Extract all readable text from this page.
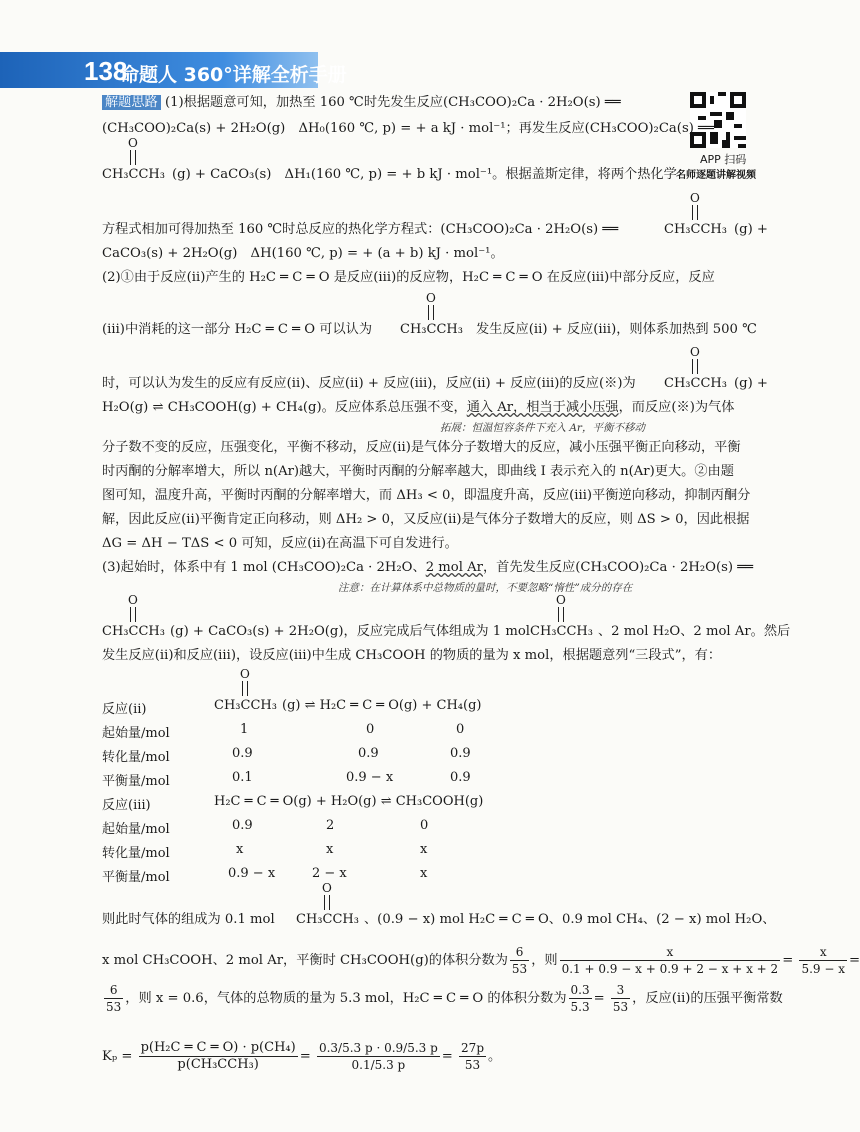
138
命题人 360°详解全析手册
APP 扫码
名师逐题讲解视频
解题思路 (1)根据题意可知，加热至 160 ℃时先发生反应(CH₃COO)₂Ca · 2H₂O(s) ══
(CH₃COO)₂Ca(s) + 2H₂O(g)　ΔH₀(160 ℃, p) = + a kJ · mol⁻¹；再发生反应(CH₃COO)₂Ca(s) ══
O
CH₃CCH₃ (g) + CaCO₃(s)　ΔH₁(160 ℃, p) = + b kJ · mol⁻¹。根据盖斯定律，将两个热化学
方程式相加可得加热至 160 ℃时总反应的热化学方程式：(CH₃COO)₂Ca · 2H₂O(s) ══
O
CH₃CCH₃ (g) +
CaCO₃(s) + 2H₂O(g)　ΔH(160 ℃, p) = + (a + b) kJ · mol⁻¹。
(2)①由于反应(ⅱ)产生的 H₂C ═ C ═ O 是反应(ⅲ)的反应物，H₂C ═ C ═ O 在反应(ⅲ)中部分反应，反应
(ⅲ)中消耗的这一部分 H₂C ═ C ═ O 可以认为
O
CH₃CCH₃ 发生反应(ⅱ) + 反应(ⅲ)，则体系加热到 500 ℃
时，可以认为发生的反应有反应(ⅱ)、反应(ⅱ) + 反应(ⅲ)，反应(ⅱ) + 反应(ⅲ)的反应(※)为
O
CH₃CCH₃ (g) +
H₂O(g) ⇌ CH₃COOH(g) + CH₄(g)。反应体系总压强不变，通入 Ar，相当于减小压强，而反应(※)为气体
拓展：恒温恒容条件下充入 Ar，平衡不移动
分子数不变的反应，压强变化，平衡不移动，反应(ⅱ)是气体分子数增大的反应，减小压强平衡正向移动，平衡
时丙酮的分解率增大，所以 n(Ar)越大，平衡时丙酮的分解率越大，即曲线 Ⅰ 表示充入的 n(Ar)更大。②由题
图可知，温度升高，平衡时丙酮的分解率增大，而 ΔH₃ < 0，即温度升高，反应(ⅲ)平衡逆向移动，抑制丙酮分
解，因此反应(ⅱ)平衡肯定正向移动，则 ΔH₂ > 0，又反应(ⅱ)是气体分子数增大的反应，则 ΔS > 0，因此根据
ΔG = ΔH − TΔS < 0 可知，反应(ⅱ)在高温下可自发进行。
(3)起始时，体系中有 1 mol (CH₃COO)₂Ca · 2H₂O、2 mol Ar，首先发生反应(CH₃COO)₂Ca · 2H₂O(s) ══
注意：在计算体系中总物质的量时，不要忽略“惰性”成分的存在
O
CH₃CCH₃ (g) + CaCO₃(s) + 2H₂O(g)，反应完成后气体组成为 1 mol
O
CH₃CCH₃ 、2 mol H₂O、2 mol Ar。然后
发生反应(ⅱ)和反应(ⅲ)，设反应(ⅲ)中生成 CH₃COOH 的物质的量为 x mol，根据题意列“三段式”，有：
反应(ⅱ)
O
CH₃CCH₃ (g) ⇌ H₂C ═ C ═ O(g) + CH₄(g)
起始量/mol	1	0	0
转化量/mol	0.9	0.9	0.9
平衡量/mol	0.1	0.9 − x	0.9
反应(ⅲ)	H₂C ═ C ═ O(g) + H₂O(g) ⇌ CH₃COOH(g)
起始量/mol	0.9	2	0
转化量/mol	x	x	x
平衡量/mol	0.9 − x	2 − x	x
则此时气体的组成为 0.1 mol
O
CH₃CCH₃ 、(0.9 − x) mol H₂C ═ C ═ O、0.9 mol CH₄、(2 − x) mol H₂O、
x mol CH₃COOH、2 mol Ar，平衡时 CH₃COOH(g)的体积分数为 $\frac{6}{53}$ ，则 $\frac{x}{0.1 + 0.9 - x + 0.9 + 2 - x + x + 2} = \frac{x}{5.9 - x}$ =
$\frac{6}{53}$ ，则 x = 0.6，气体的总物质的量为 5.3 mol，H₂C ═ C ═ O 的体积分数为 $\frac{0.3}{5.3} = \frac{3}{53}$ ，反应(ⅱ)的压强平衡常数
$K_p = \frac{\text{p(H₂C ═ C ═ O) · p(CH₄)}}{\text{p(CH₃CCH₃)}} = \frac{0.3/5.3 p \cdot 0.9/5.3 p}{0.1/5.3 p} = \frac{27p}{53}$ 。
